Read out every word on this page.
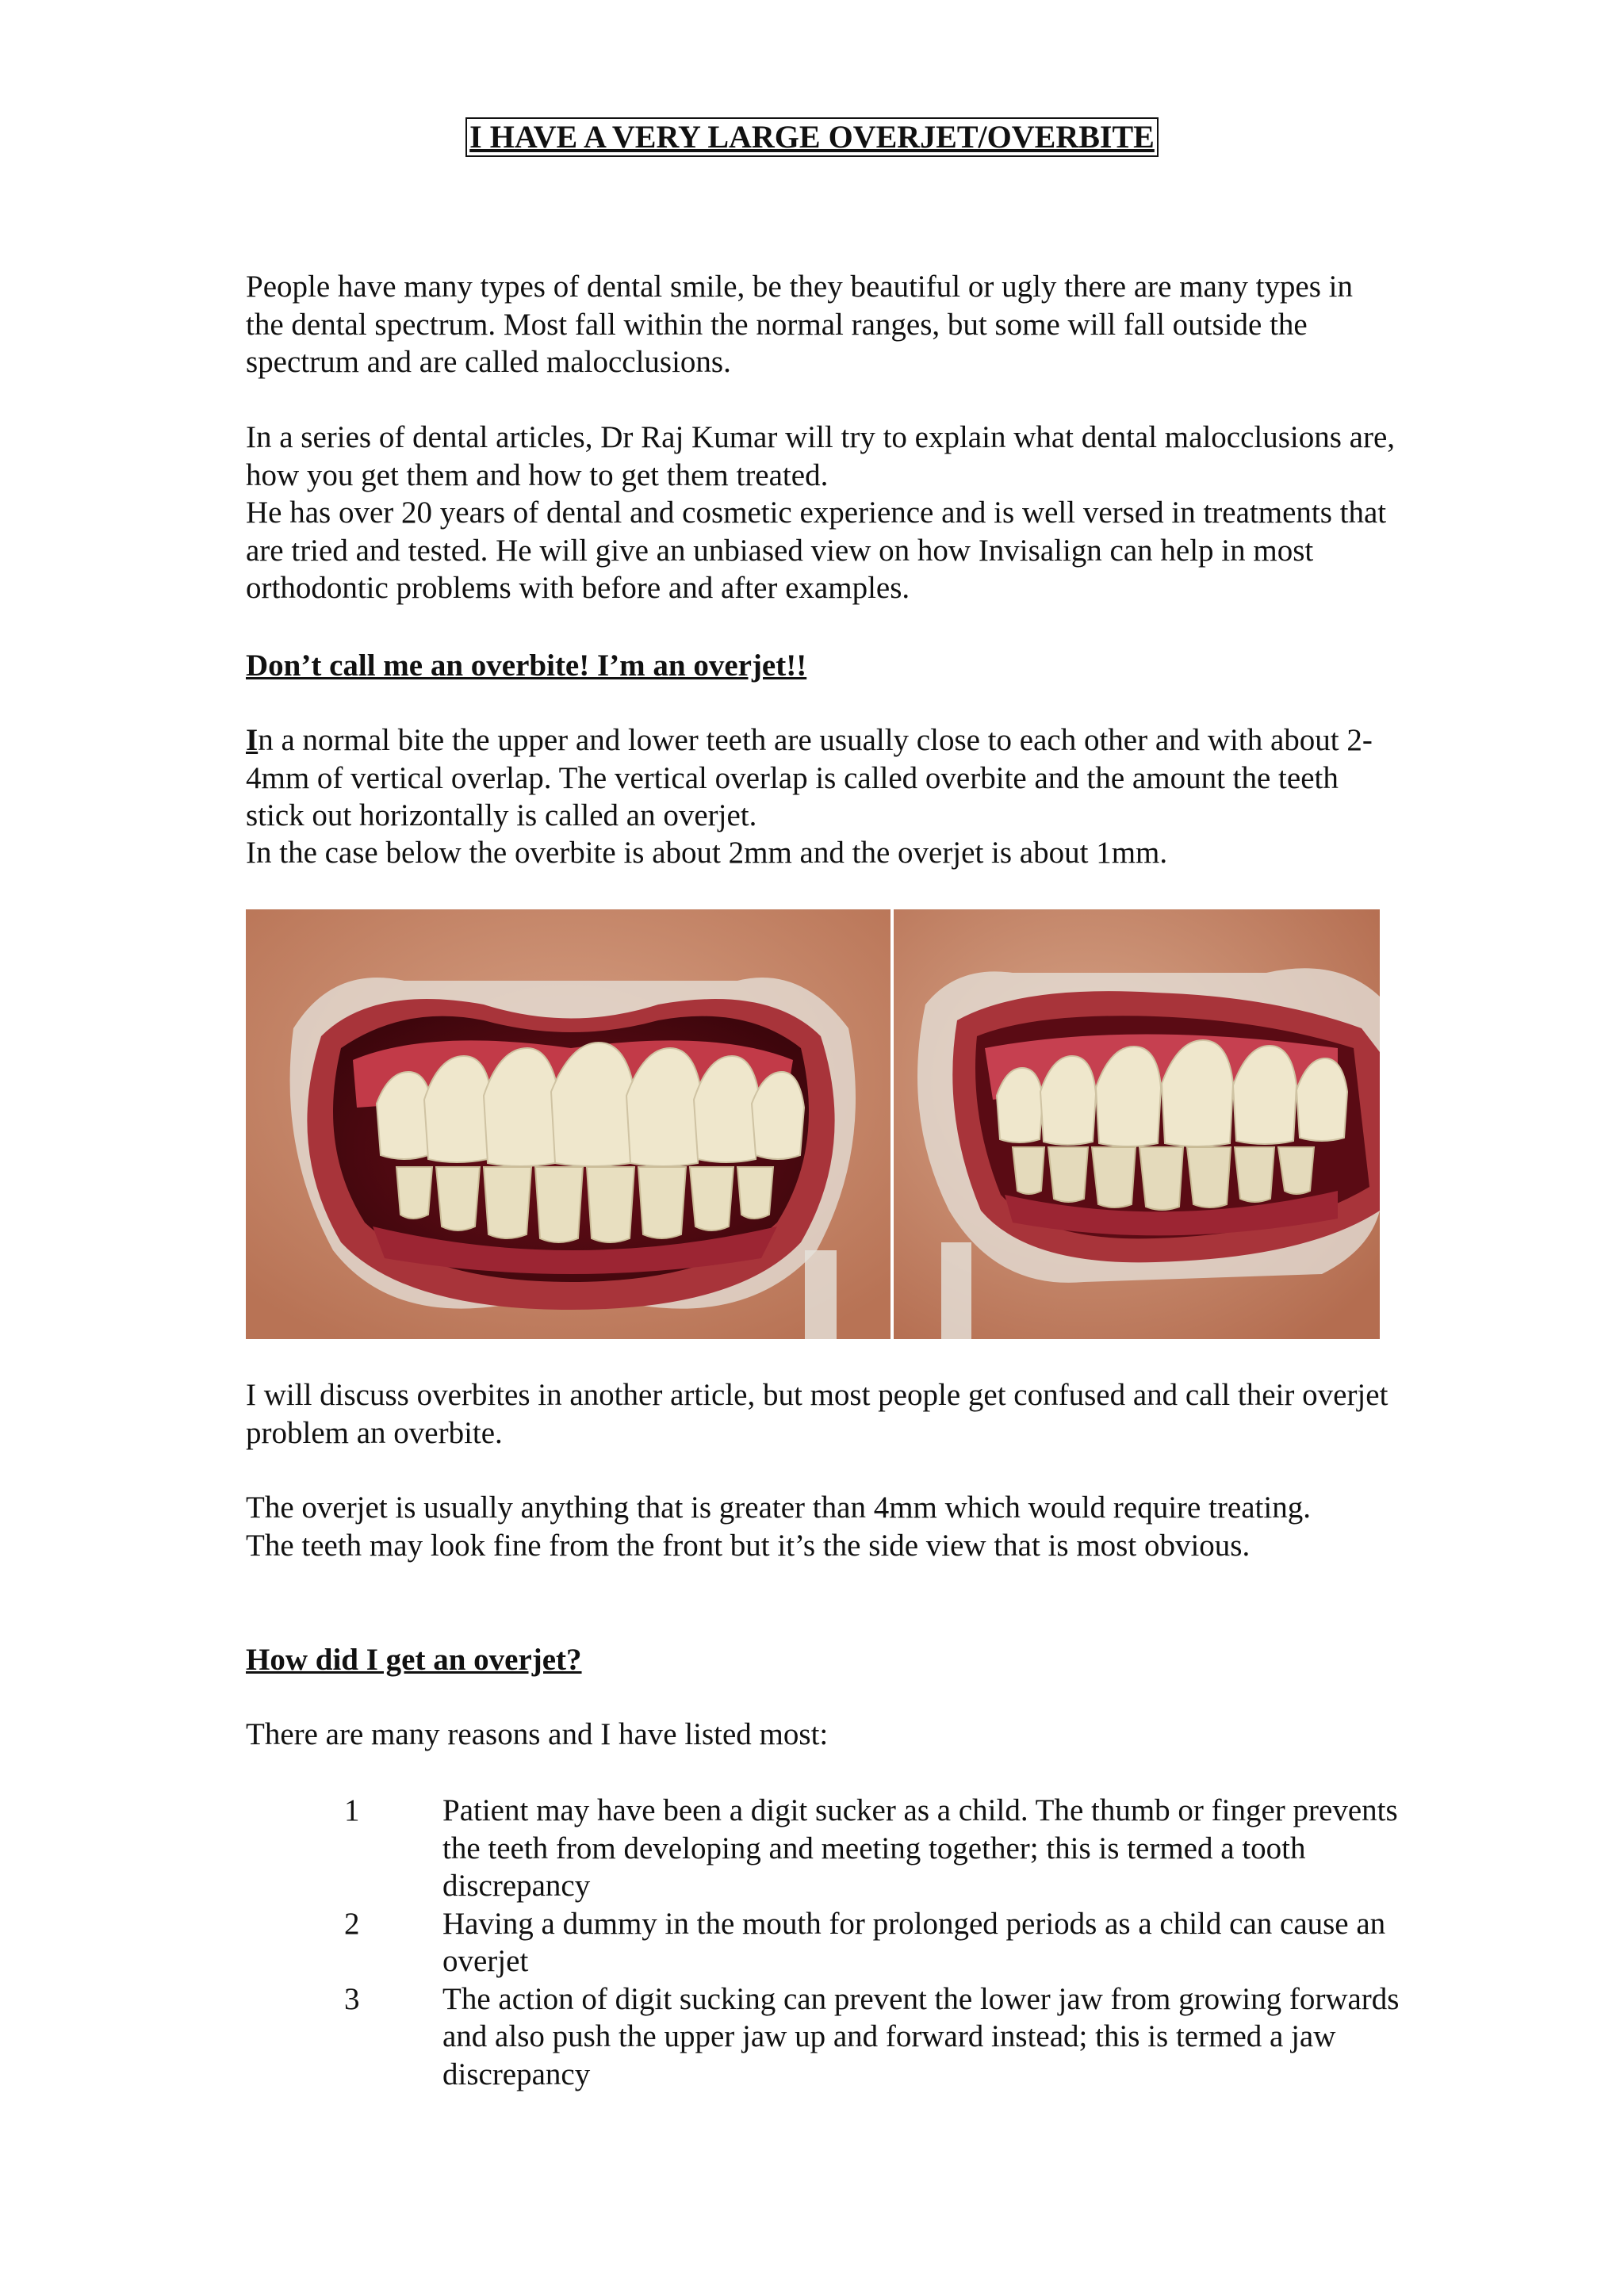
I HAVE A VERY LARGE OVERJET/OVERBITE

People have many types of dental smile, be they beautiful or ugly there are many types in the dental spectrum. Most fall within the normal ranges, but some will fall outside the spectrum and are called malocclusions.

In a series of dental articles, Dr Raj Kumar will try to explain what dental malocclusions are, how you get them and how to get them treated.

He has over 20 years of dental and cosmetic experience and is well versed in treatments that are tried and tested. He will give an unbiased view on how Invisalign can help in most orthodontic problems with before and after examples.

Don’t call me an overbite! I’m an overjet!!

In a normal bite the upper and lower teeth are usually close to each other and with about 2-4mm of vertical overlap. The vertical overlap is called overbite and the amount the teeth stick out horizontally is called an overjet.

In the case below the overbite is about 2mm and the overjet is about 1mm.

I will discuss overbites in another article, but most people get confused and call their overjet problem an overbite.

The overjet is usually anything that is greater than 4mm which would require treating.

The teeth may look fine from the front but it’s the side view that is most obvious.

How did I get an overjet?

There are many reasons and I have listed most:

1	Patient may have been a digit sucker as a child. The thumb or finger prevents the teeth from developing and meeting together; this is termed a tooth discrepancy
2	Having a dummy in the mouth for prolonged periods as a child can cause an overjet
3	The action of digit sucking can prevent the lower jaw from growing forwards and also push the upper jaw up and forward instead; this is termed a jaw discrepancy
